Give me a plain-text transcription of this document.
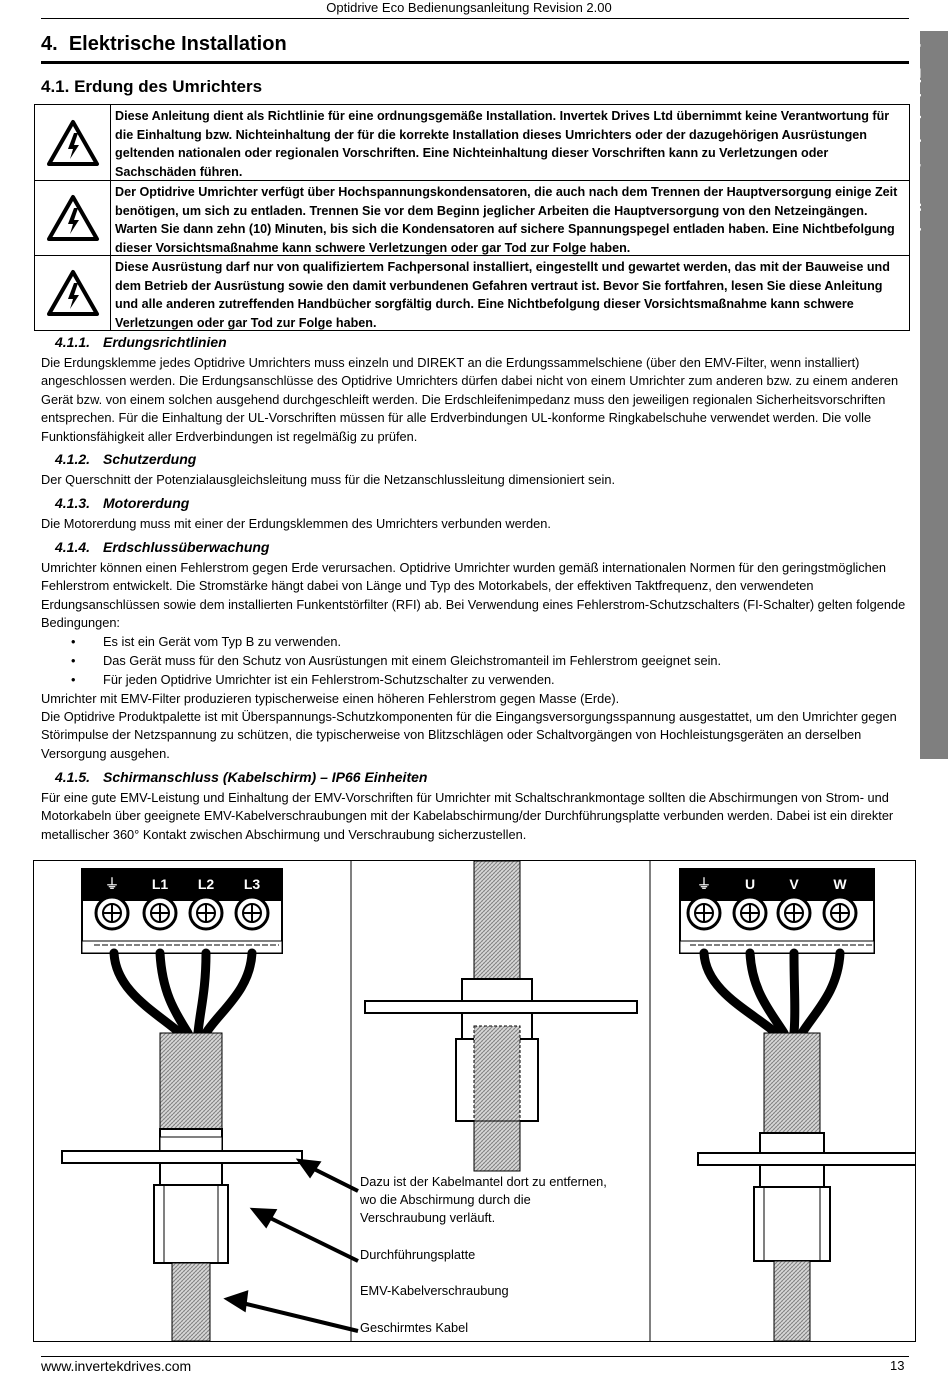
Optidrive Eco Bedienungsanleitung Revision 2.00
4. Elektrische Installation	4    Elektrische Installation
4.1. Erdung des Umrichters
Diese Anleitung dient als Richtlinie für eine ordnungsgemäße Installation. Invertek Drives Ltd übernimmt keine Verantwortung für die Einhaltung bzw. Nichteinhaltung der für die korrekte Installation dieses Umrichters oder der dazugehörigen Ausrüstungen geltenden nationalen oder regionalen Vorschriften. Eine Nichteinhaltung dieser Vorschriften kann zu Verletzungen oder Sachschäden führen.
Der Optidrive Umrichter verfügt über Hochspannungskondensatoren, die auch nach dem Trennen der Hauptversorgung einige Zeit benötigen, um sich zu entladen. Trennen Sie vor dem Beginn jeglicher Arbeiten die Hauptversorgung von den Netzeingängen. Warten Sie dann zehn (10) Minuten, bis sich die Kondensatoren auf sichere Spannungspegel entladen haben. Eine Nichtbefolgung dieser Vorsichtsmaßnahme kann schwere Verletzungen oder gar Tod zur Folge haben.
Diese Ausrüstung darf nur von qualifiziertem Fachpersonal installiert, eingestellt und gewartet werden, das mit der Bauweise und dem Betrieb der Ausrüstung sowie den damit verbundenen Gefahren vertraut ist. Bevor Sie fortfahren, lesen Sie diese Anleitung und alle anderen zutreffenden Handbücher sorgfältig durch. Eine Nichtbefolgung dieser Vorsichtsmaßnahme kann schwere Verletzungen oder gar Tod zur Folge haben.
4.1.1. Erdungsrichtlinien
Die Erdungsklemme jedes Optidrive Umrichters muss einzeln und DIREKT an die Erdungssammelschiene (über den EMV-Filter, wenn installiert) angeschlossen werden. Die Erdungsanschlüsse des Optidrive Umrichters dürfen dabei nicht von einem Umrichter zum anderen bzw. zu einem anderen Gerät bzw. von einem solchen ausgehend durchgeschleift werden. Die Erdschleifenimpedanz muss den jeweiligen regionalen Sicherheitsvorschriften entsprechen. Für die Einhaltung der UL-Vorschriften müssen für alle Erdverbindungen UL-konforme Ringkabelschuhe verwendet werden. Die volle Funktionsfähigkeit aller Erdverbindungen ist regelmäßig zu prüfen.
4.1.2. Schutzerdung
Der Querschnitt der Potenzialausgleichsleitung muss für die Netzanschlussleitung dimensioniert sein.
4.1.3. Motorerdung
Die Motorerdung muss mit einer der Erdungsklemmen des Umrichters verbunden werden.
4.1.4. Erdschlussüberwachung
Umrichter können einen Fehlerstrom gegen Erde verursachen. Optidrive Umrichter wurden gemäß internationalen Normen für den geringstmöglichen Fehlerstrom entwickelt. Die Stromstärke hängt dabei von Länge und Typ des Motorkabels, der effektiven Taktfrequenz, den verwendeten Erdungsanschlüssen sowie dem installierten Funkentstörfilter (RFI) ab. Bei Verwendung eines Fehlerstrom-Schutzschalters (FI-Schalter) gelten folgende Bedingungen:
• Es ist ein Gerät vom Typ B zu verwenden.
• Das Gerät muss für den Schutz von Ausrüstungen mit einem Gleichstromanteil im Fehlerstrom geeignet sein.
• Für jeden Optidrive Umrichter ist ein Fehlerstrom-Schutzschalter zu verwenden.
Umrichter mit EMV-Filter produzieren typischerweise einen höheren Fehlerstrom gegen Masse (Erde).
Die Optidrive Produktpalette ist mit Überspannungs-Schutzkomponenten für die Eingangsversorgungsspannung ausgestattet, um den Umrichter gegen Störimpulse der Netzspannung zu schützen, die typischerweise von Blitzschlägen oder Schaltvorgängen von Hochleistungsgeräten an derselben Versorgung ausgehen.
4.1.5. Schirmanschluss (Kabelschirm) – IP66 Einheiten
Für eine gute EMV-Leistung und Einhaltung der EMV-Vorschriften für Umrichter mit Schaltschrankmontage sollten die Abschirmungen von Strom- und Motorkabeln über geeignete EMV-Kabelverschraubungen mit der Kabelabschirmung/der Durchführungsplatte verbunden werden. Dabei ist ein direkter metallischer 360° Kontakt zwischen Abschirmung und Verschraubung sicherzustellen.
⏚ L1 L2 L3	⏚ U V W
Dazu ist der Kabelmantel dort zu entfernen,
wo die Abschirmung durch die
Verschraubung verläuft.
Durchführungsplatte
EMV-Kabelverschraubung
Geschirmtes Kabel
www.invertekdrives.com	13
